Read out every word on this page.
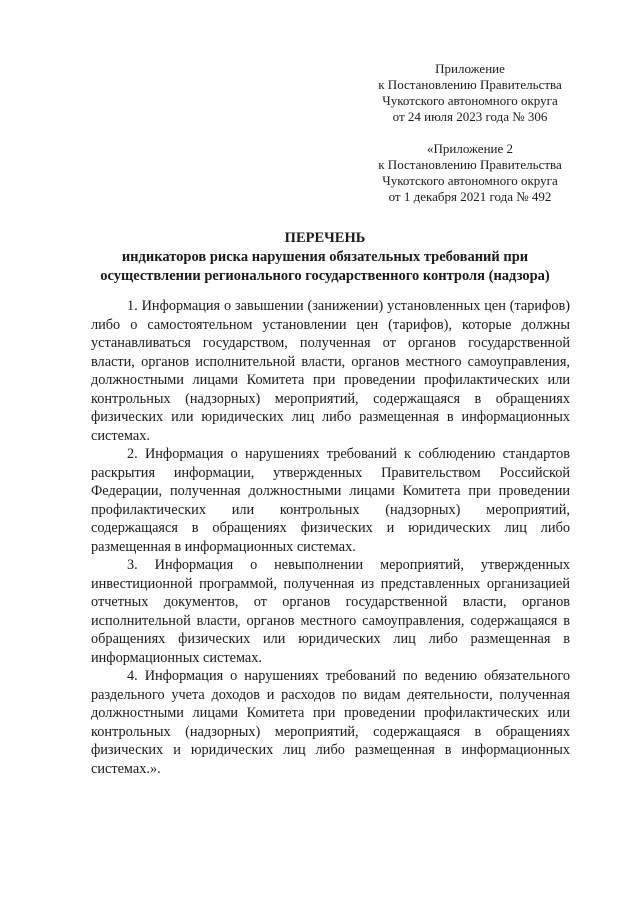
Приложение
к Постановлению Правительства
Чукотского автономного округа
от 24 июля 2023 года № 306
«Приложение 2
к Постановлению Правительства
Чукотского автономного округа
от 1 декабря 2021 года № 492
ПЕРЕЧЕНЬ
индикаторов риска нарушения обязательных требований при
осуществлении регионального государственного контроля (надзора)

1. Информация о завышении (занижении) установленных цен (тарифов) либо о самостоятельном установлении цен (тарифов), которые должны устанавливаться государством, полученная от органов государственной власти, органов исполнительной власти, органов местного самоуправления, должностными лицами Комитета при проведении профилактических или контрольных (надзорных) мероприятий, содержащаяся в обращениях физических или юридических лиц либо размещенная в информационных системах.

2. Информация о нарушениях требований к соблюдению стандартов раскрытия информации, утвержденных Правительством Российской Федерации, полученная должностными лицами Комитета при проведении профилактических или контрольных (надзорных) мероприятий, содержащаяся в обращениях физических и юридических лиц либо размещенная в информационных системах.

3. Информация о невыполнении мероприятий, утвержденных инвестиционной программой, полученная из представленных организацией отчетных документов, от органов государственной власти, органов исполнительной власти, органов местного самоуправления, содержащаяся в обращениях физических или юридических лиц либо размещенная в информационных системах.

4. Информация о нарушениях требований по ведению обязательного раздельного учета доходов и расходов по видам деятельности, полученная должностными лицами Комитета при проведении профилактических или контрольных (надзорных) мероприятий, содержащаяся в обращениях физических и юридических лиц либо размещенная в информационных системах.».
